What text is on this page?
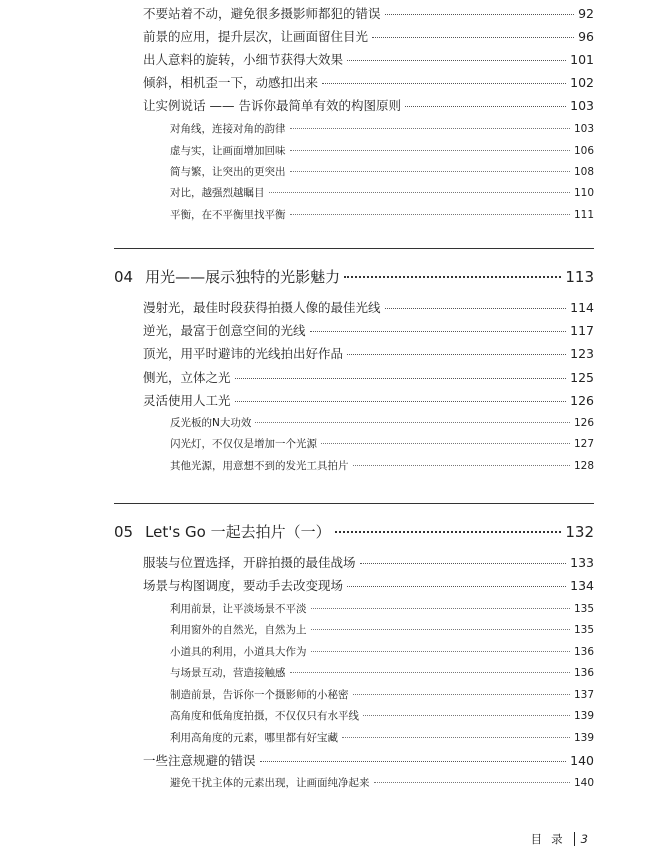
不要站着不动，避免很多摄影师都犯的错误	92
前景的应用，提升层次，让画面留住目光	96
出人意料的旋转，小细节获得大效果	101
倾斜，相机歪一下，动感扣出来	102
让实例说话 —— 告诉你最简单有效的构图原则	103
对角线，连接对角的韵律	103
虚与实，让画面增加回味	106
简与繁，让突出的更突出	108
对比，越强烈越瞩目	110
平衡，在不平衡里找平衡	111
04 用光——展示独特的光影魅力	113
漫射光，最佳时段获得拍摄人像的最佳光线	114
逆光，最富于创意空间的光线	117
顶光，用平时避讳的光线拍出好作品	123
侧光，立体之光	125
灵活使用人工光	126
反光板的N大功效	126
闪光灯，不仅仅是增加一个光源	127
其他光源，用意想不到的发光工具拍片	128
05 Let's Go 一起去拍片（一）	132
服装与位置选择，开辟拍摄的最佳战场	133
场景与构图调度，要动手去改变现场	134
利用前景，让平淡场景不平淡	135
利用窗外的自然光，自然为上	135
小道具的利用，小道具大作为	136
与场景互动，营造接触感	136
制造前景，告诉你一个摄影师的小秘密	137
高角度和低角度拍摄，不仅仅只有水平线	139
利用高角度的元素，哪里都有好宝藏	139
一些注意规避的错误	140
避免干扰主体的元素出现，让画面纯净起来	140
目录 3
